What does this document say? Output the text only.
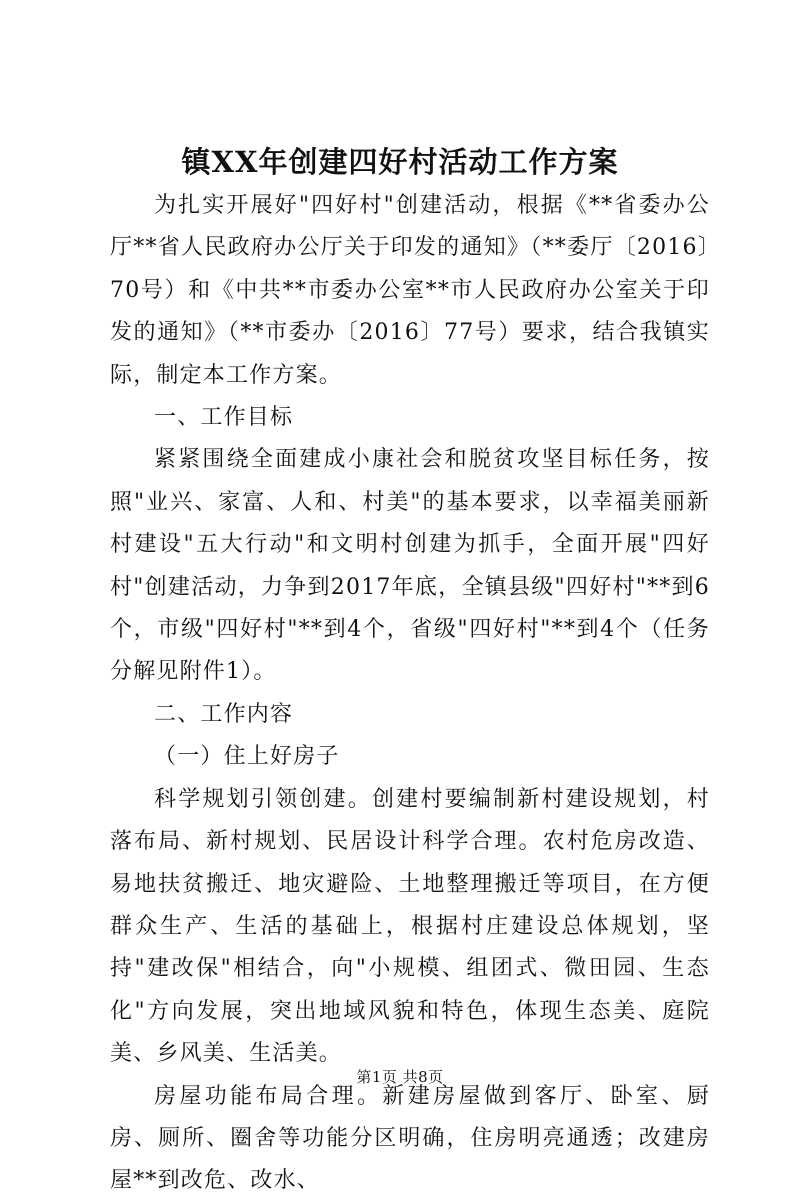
镇XX年创建四好村活动工作方案

为扎实开展好"四好村"创建活动，根据《**省委办公厅**省人民政府办公厅关于印发的通知》（**委厅〔2016〕70号）和《中共**市委办公室**市人民政府办公室关于印发的通知》（**市委办〔2016〕77号）要求，结合我镇实际，制定本工作方案。

一、工作目标

紧紧围绕全面建成小康社会和脱贫攻坚目标任务，按照"业兴、家富、人和、村美"的基本要求，以幸福美丽新村建设"五大行动"和文明村创建为抓手，全面开展"四好村"创建活动，力争到2017年底，全镇县级"四好村"**到6个，市级"四好村"**到4个，省级"四好村"**到4个（任务分解见附件1）。

二、工作内容

（一）住上好房子

科学规划引领创建。创建村要编制新村建设规划，村落布局、新村规划、民居设计科学合理。农村危房改造、易地扶贫搬迁、地灾避险、土地整理搬迁等项目，在方便群众生产、生活的基础上，根据村庄建设总体规划，坚持"建改保"相结合，向"小规模、组团式、微田园、生态化"方向发展，突出地域风貌和特色，体现生态美、庭院美、乡风美、生活美。

房屋功能布局合理。新建房屋做到客厅、卧室、厨房、厕所、圈舍等功能分区明确，住房明亮通透；改建房屋**到改危、改水、

第1页 共8页
